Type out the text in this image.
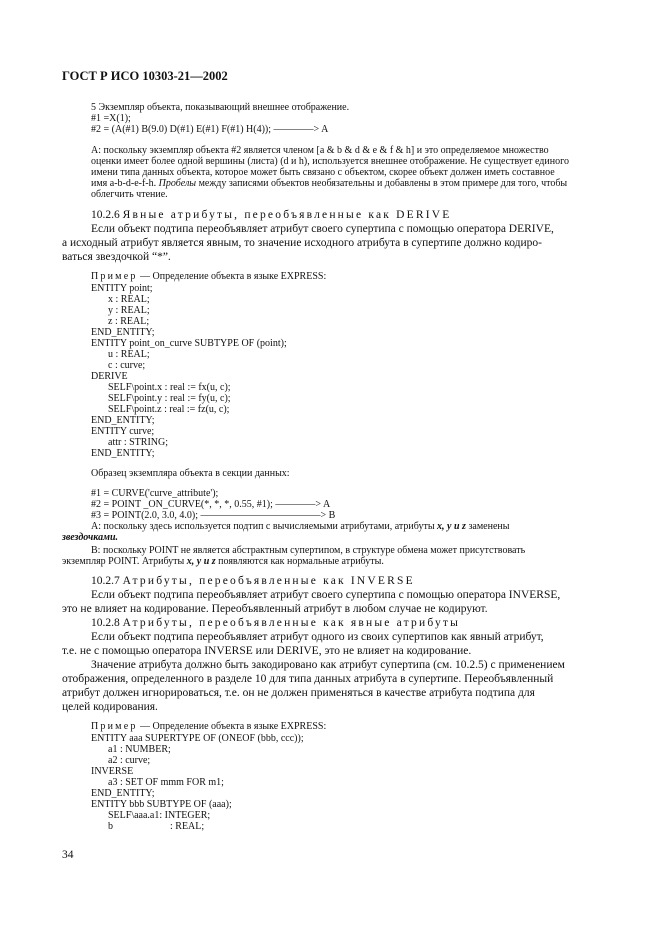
ГОСТ Р ИСО 10303-21—2002
5 Экземпляр объекта, показывающий внешнее отображение.
#1 =X(1);
#2 = (A(#1) B(9.0) D(#1) E(#1) F(#1) H(4)); ————> A
А: поскольку экземпляр объекта #2 является членом [a & b & d & e & f & h] и это определяемое множество
оценки имеет более одной вершины (листа) (d и h), используется внешнее отображение. Не существует единого
имени типа данных объекта, которое может быть связано с объектом, скорее объект должен иметь составное
имя a-b-d-e-f-h. Пробелы между записями объектов необязательны и добавлены в этом примере для того, чтобы
облегчить чтение.
10.2.6 Явные атрибуты, переобъявленные как DERIVE
Если объект подтипа переобъявляет атрибут своего супертипа с помощью оператора DERIVE,
а исходный атрибут является явным, то значение исходного атрибута в супертипе должно кодиро-
ваться звездочкой “*”.
Пример — Определение объекта в языке EXPRESS:
ENTITY point;
x : REAL;
y : REAL;
z : REAL;
END_ENTITY;
ENTITY point_on_curve SUBTYPE OF (point);
u : REAL;
c : curve;
DERIVE
SELF\point.x : real := fx(u, c);
SELF\point.y : real := fy(u, c);
SELF\point.z : real := fz(u, c);
END_ENTITY;
ENTITY curve;
attr : STRING;
END_ENTITY;
Образец экземпляра объекта в секции данных:
#1 = CURVE('curve_attribute');
#2 = POINT _ON_CURVE(*, *, *, 0.55, #1); ————> A
#3 = POINT(2.0, 3.0, 4.0); ————————————> B
А: поскольку здесь используется подтип с вычисляемыми атрибутами, атрибуты x, y и z заменены
звездочками.
В: поскольку POINT не является абстрактным супертипом, в структуре обмена может присутствовать
экземпляр POINT. Атрибуты x, y и z появляются как нормальные атрибуты.
10.2.7 Атрибуты, переобъявленные как INVERSE
Если объект подтипа переобъявляет атрибут своего супертипа с помощью оператора INVERSE,
это не влияет на кодирование. Переобъявленный атрибут в любом случае не кодируют.
10.2.8 Атрибуты, переобъявленные как явные атрибуты
Если объект подтипа переобъявляет атрибут одного из своих супертипов как явный атрибут,
т.е. не с помощью оператора INVERSE или DERIVE, это не влияет на кодирование.
Значение атрибута должно быть закодировано как атрибут супертипа (см. 10.2.5) с применением
отображения, определенного в разделе 10 для типа данных атрибута в супертипе. Переобъявленный
атрибут должен игнорироваться, т.е. он не должен применяться в качестве атрибута подтипа для
целей кодирования.
Пример — Определение объекта в языке EXPRESS:
ENTITY aaa SUPERTYPE OF (ONEOF (bbb, ccc));
a1 : NUMBER;
a2 : curve;
INVERSE
a3 : SET OF mmm FOR m1;
END_ENTITY;
ENTITY bbb SUBTYPE OF (aaa);
SELF\aaa.a1: INTEGER;
b	: REAL;
34
